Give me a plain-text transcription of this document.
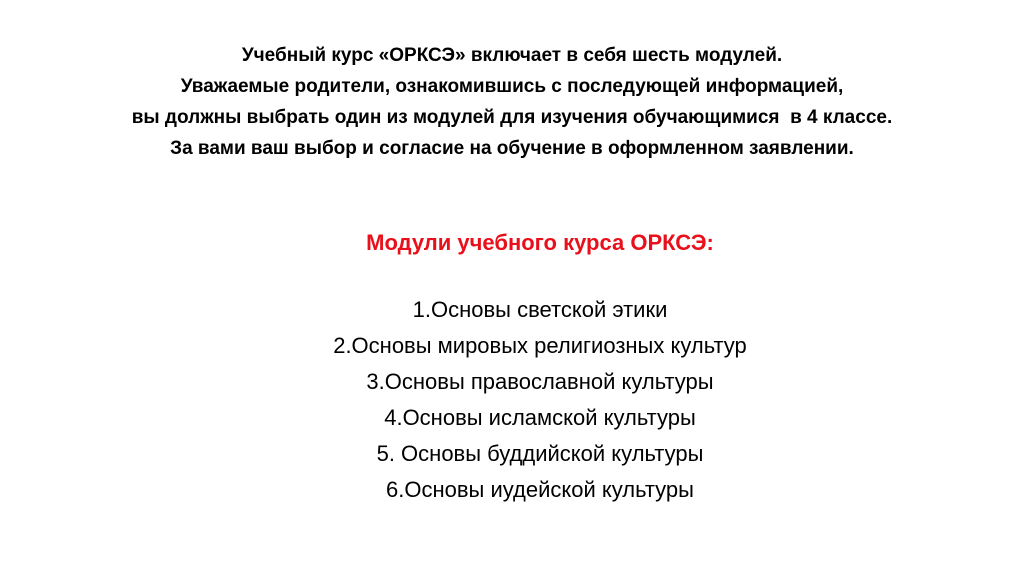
Учебный курс «ОРКСЭ» включает в себя шесть модулей.
Уважаемые родители, ознакомившись с последующей информацией,
вы должны выбрать один из модулей для изучения обучающимися  в 4 классе.
За вами ваш выбор и согласие на обучение в оформленном заявлении.
Модули учебного курса ОРКСЭ:
1.Основы светской этики
2.Основы мировых религиозных культур
3.Основы православной культуры
4.Основы исламской культуры
5. Основы буддийской культуры
6.Основы иудейской культуры
